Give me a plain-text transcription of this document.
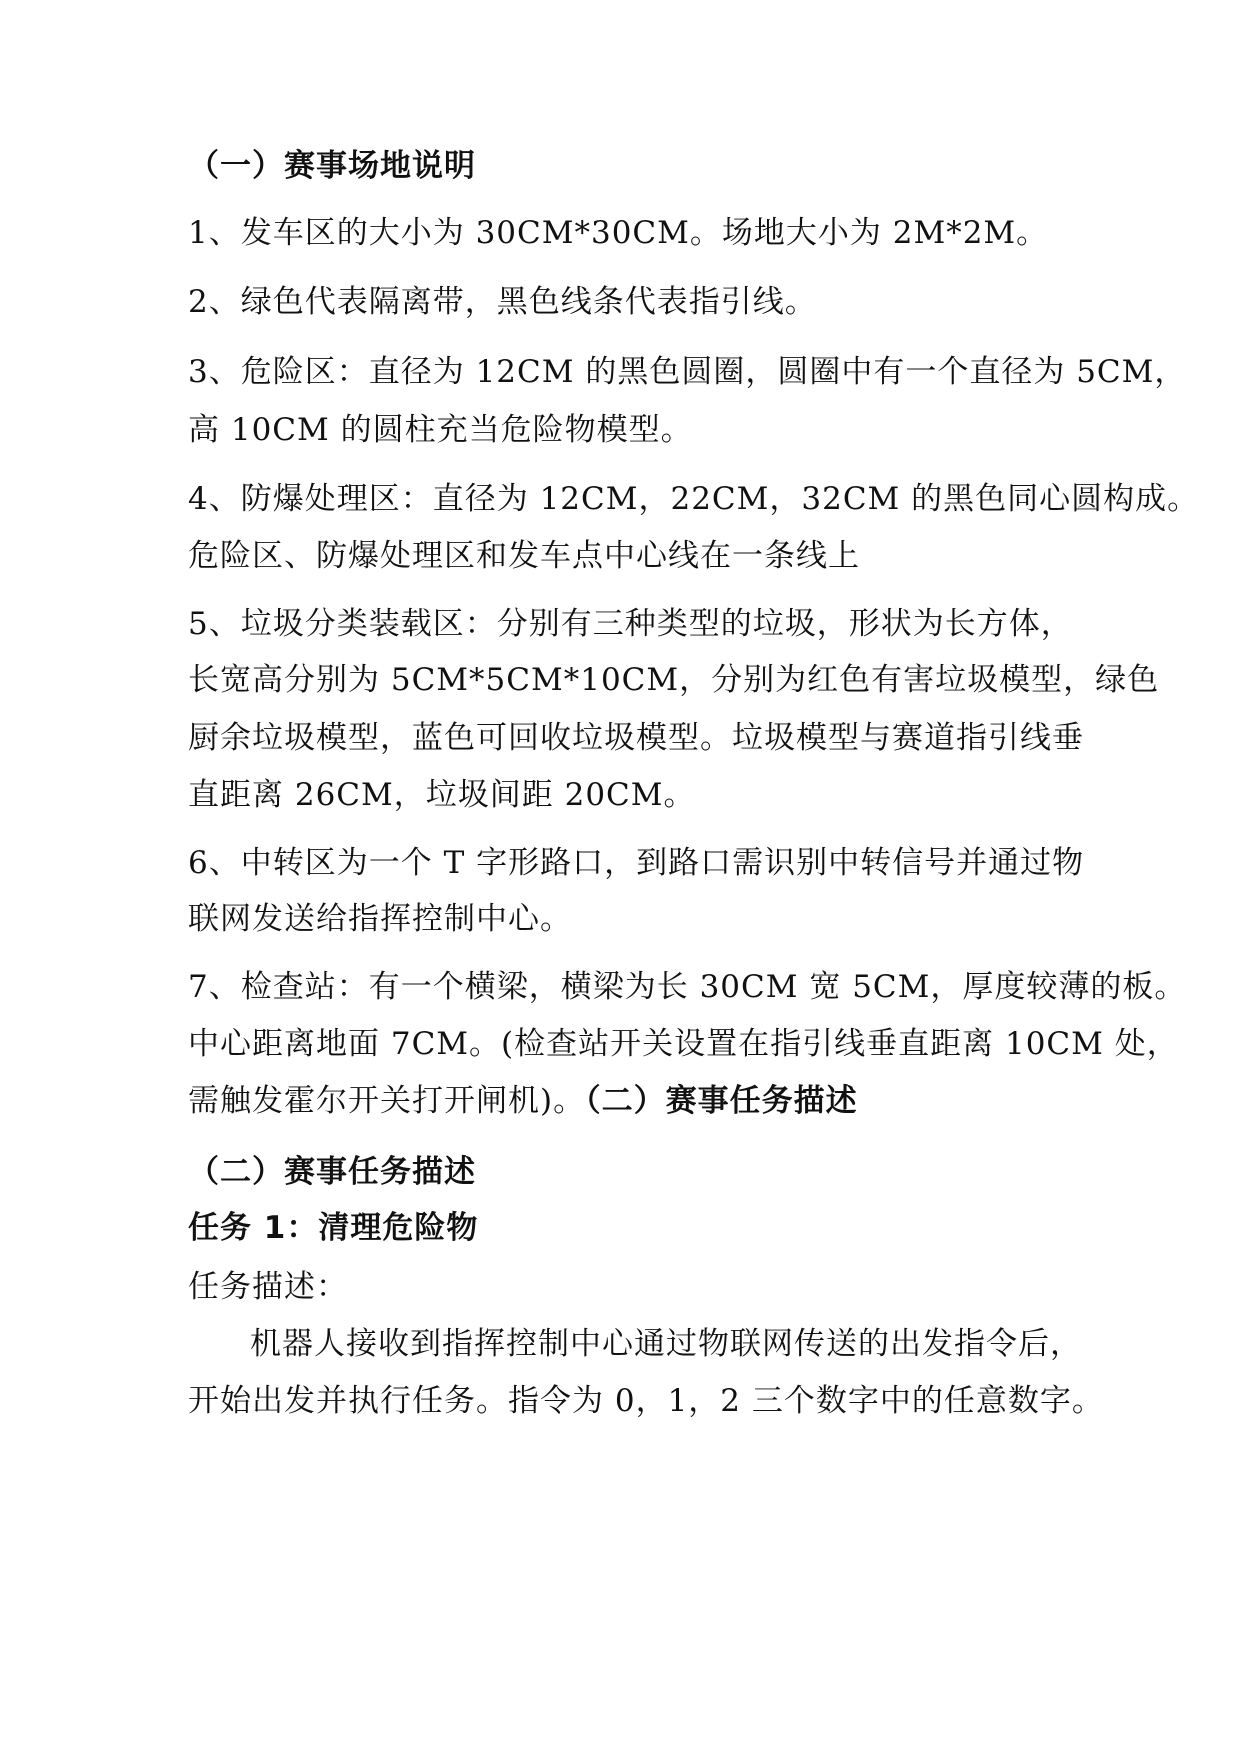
（一）赛事场地说明
1、发车区的大小为 30CM*30CM。场地大小为 2M*2M。
2、绿色代表隔离带，黑色线条代表指引线。
3、危险区：直径为 12CM 的黑色圆圈，圆圈中有一个直径为 5CM，
高 10CM 的圆柱充当危险物模型。
4、防爆处理区：直径为 12CM，22CM，32CM 的黑色同心圆构成。
危险区、防爆处理区和发车点中心线在一条线上
5、垃圾分类装载区：分别有三种类型的垃圾，形状为长方体，
长宽高分别为 5CM*5CM*10CM，分别为红色有害垃圾模型，绿色
厨余垃圾模型，蓝色可回收垃圾模型。垃圾模型与赛道指引线垂
直距离 26CM，垃圾间距 20CM。
6、中转区为一个 T 字形路口，到路口需识别中转信号并通过物
联网发送给指挥控制中心。
7、检查站：有一个横梁，横梁为长 30CM 宽 5CM，厚度较薄的板。
中心距离地面 7CM。(检查站开关设置在指引线垂直距离 10CM 处，
需触发霍尔开关打开闸机)。（二）赛事任务描述
（二）赛事任务描述
任务 1：清理危险物
任务描述：
机器人接收到指挥控制中心通过物联网传送的出发指令后，
开始出发并执行任务。指令为 0，1，2 三个数字中的任意数字。
